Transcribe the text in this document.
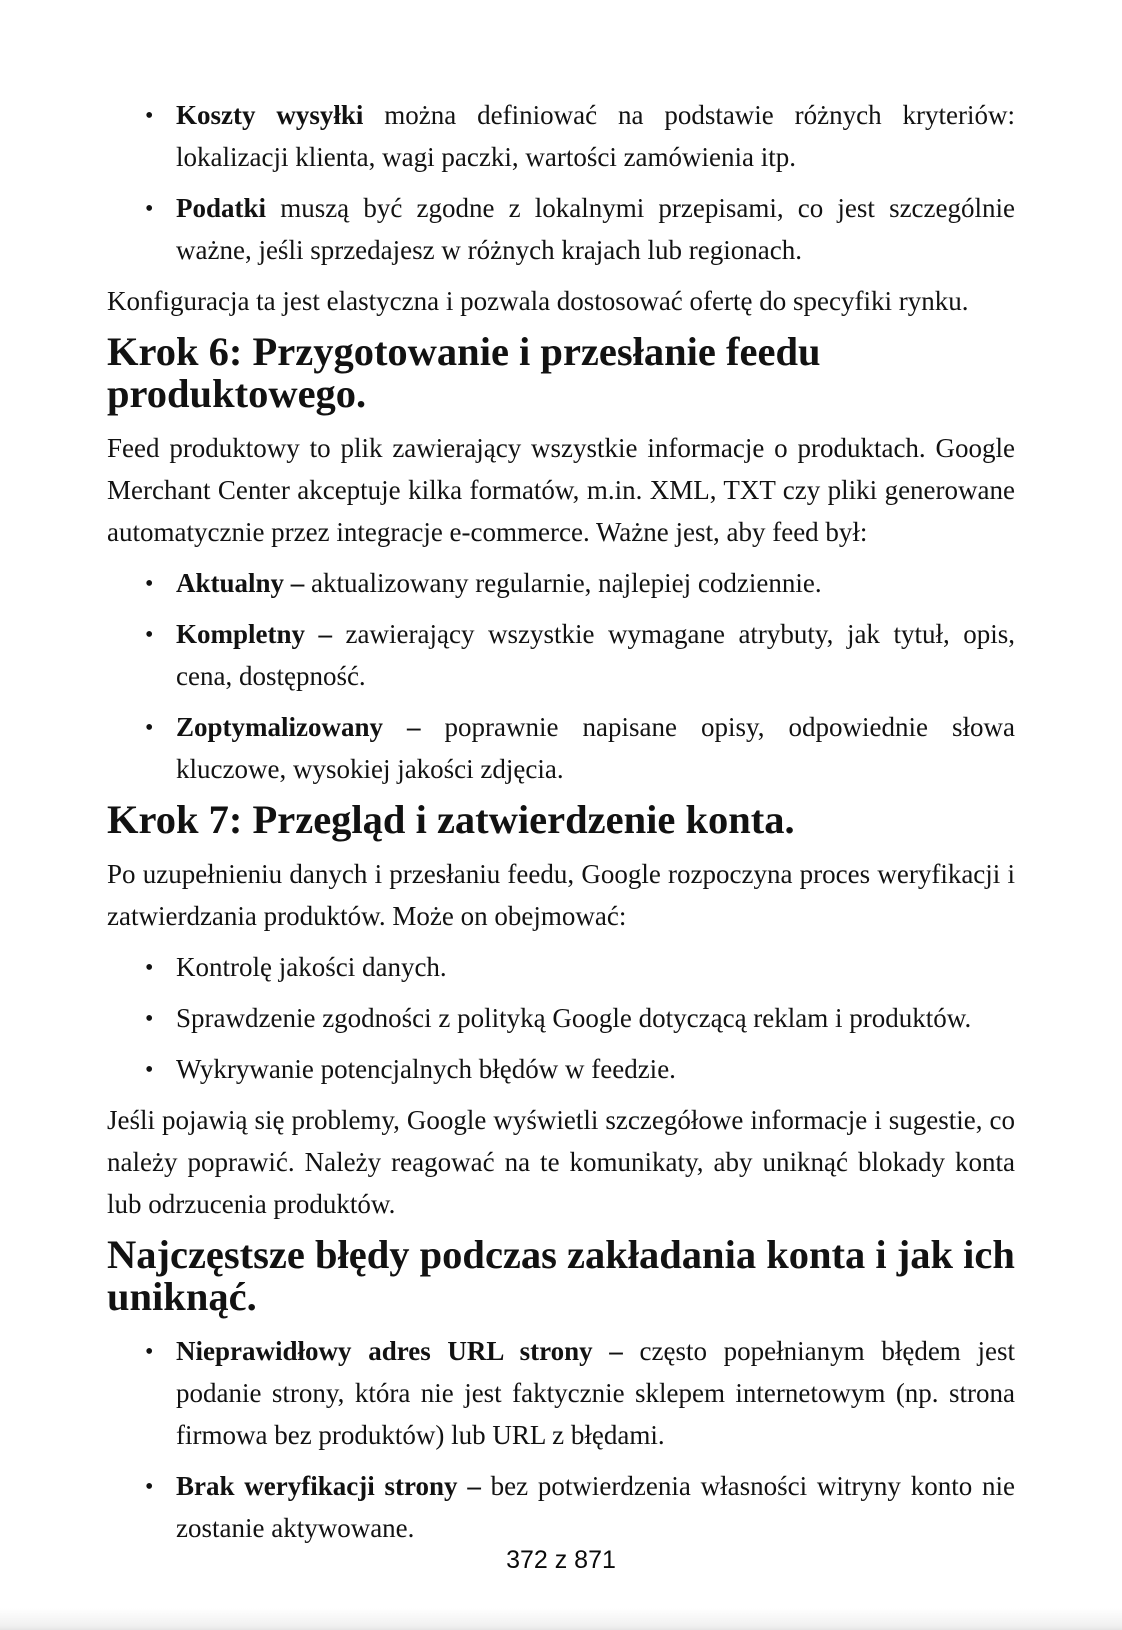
• Koszty wysyłki można definiować na podstawie różnych kryteriów: lokalizacji klienta, wagi paczki, wartości zamówienia itp.
• Podatki muszą być zgodne z lokalnymi przepisami, co jest szczególnie ważne, jeśli sprzedajesz w różnych krajach lub regionach.

Konfiguracja ta jest elastyczna i pozwala dostosować ofertę do specyfiki rynku.

Krok 6: Przygotowanie i przesłanie feedu produktowego.

Feed produktowy to plik zawierający wszystkie informacje o produktach. Google Merchant Center akceptuje kilka formatów, m.in. XML, TXT czy pliki generowane automatycznie przez integracje e-commerce. Ważne jest, aby feed był:

• Aktualny – aktualizowany regularnie, najlepiej codziennie.
• Kompletny – zawierający wszystkie wymagane atrybuty, jak tytuł, opis, cena, dostępność.
• Zoptymalizowany – poprawnie napisane opisy, odpowiednie słowa kluczowe, wysokiej jakości zdjęcia.
Krok 7: Przegląd i zatwierdzenie konta.

Po uzupełnieniu danych i przesłaniu feedu, Google rozpoczyna proces weryfikacji i zatwierdzania produktów. Może on obejmować:

• Kontrolę jakości danych.
• Sprawdzenie zgodności z polityką Google dotyczącą reklam i produktów.
• Wykrywanie potencjalnych błędów w feedzie.

Jeśli pojawią się problemy, Google wyświetli szczegółowe informacje i sugestie, co należy poprawić. Należy reagować na te komunikaty, aby uniknąć blokady konta lub odrzucenia produktów.

Najczęstsze błędy podczas zakładania konta i jak ich uniknąć.
• Nieprawidłowy adres URL strony – często popełnianym błędem jest podanie strony, która nie jest faktycznie sklepem internetowym (np. strona firmowa bez produktów) lub URL z błędami.
• Brak weryfikacji strony – bez potwierdzenia własności witryny konto nie zostanie aktywowane.
372 z 871
